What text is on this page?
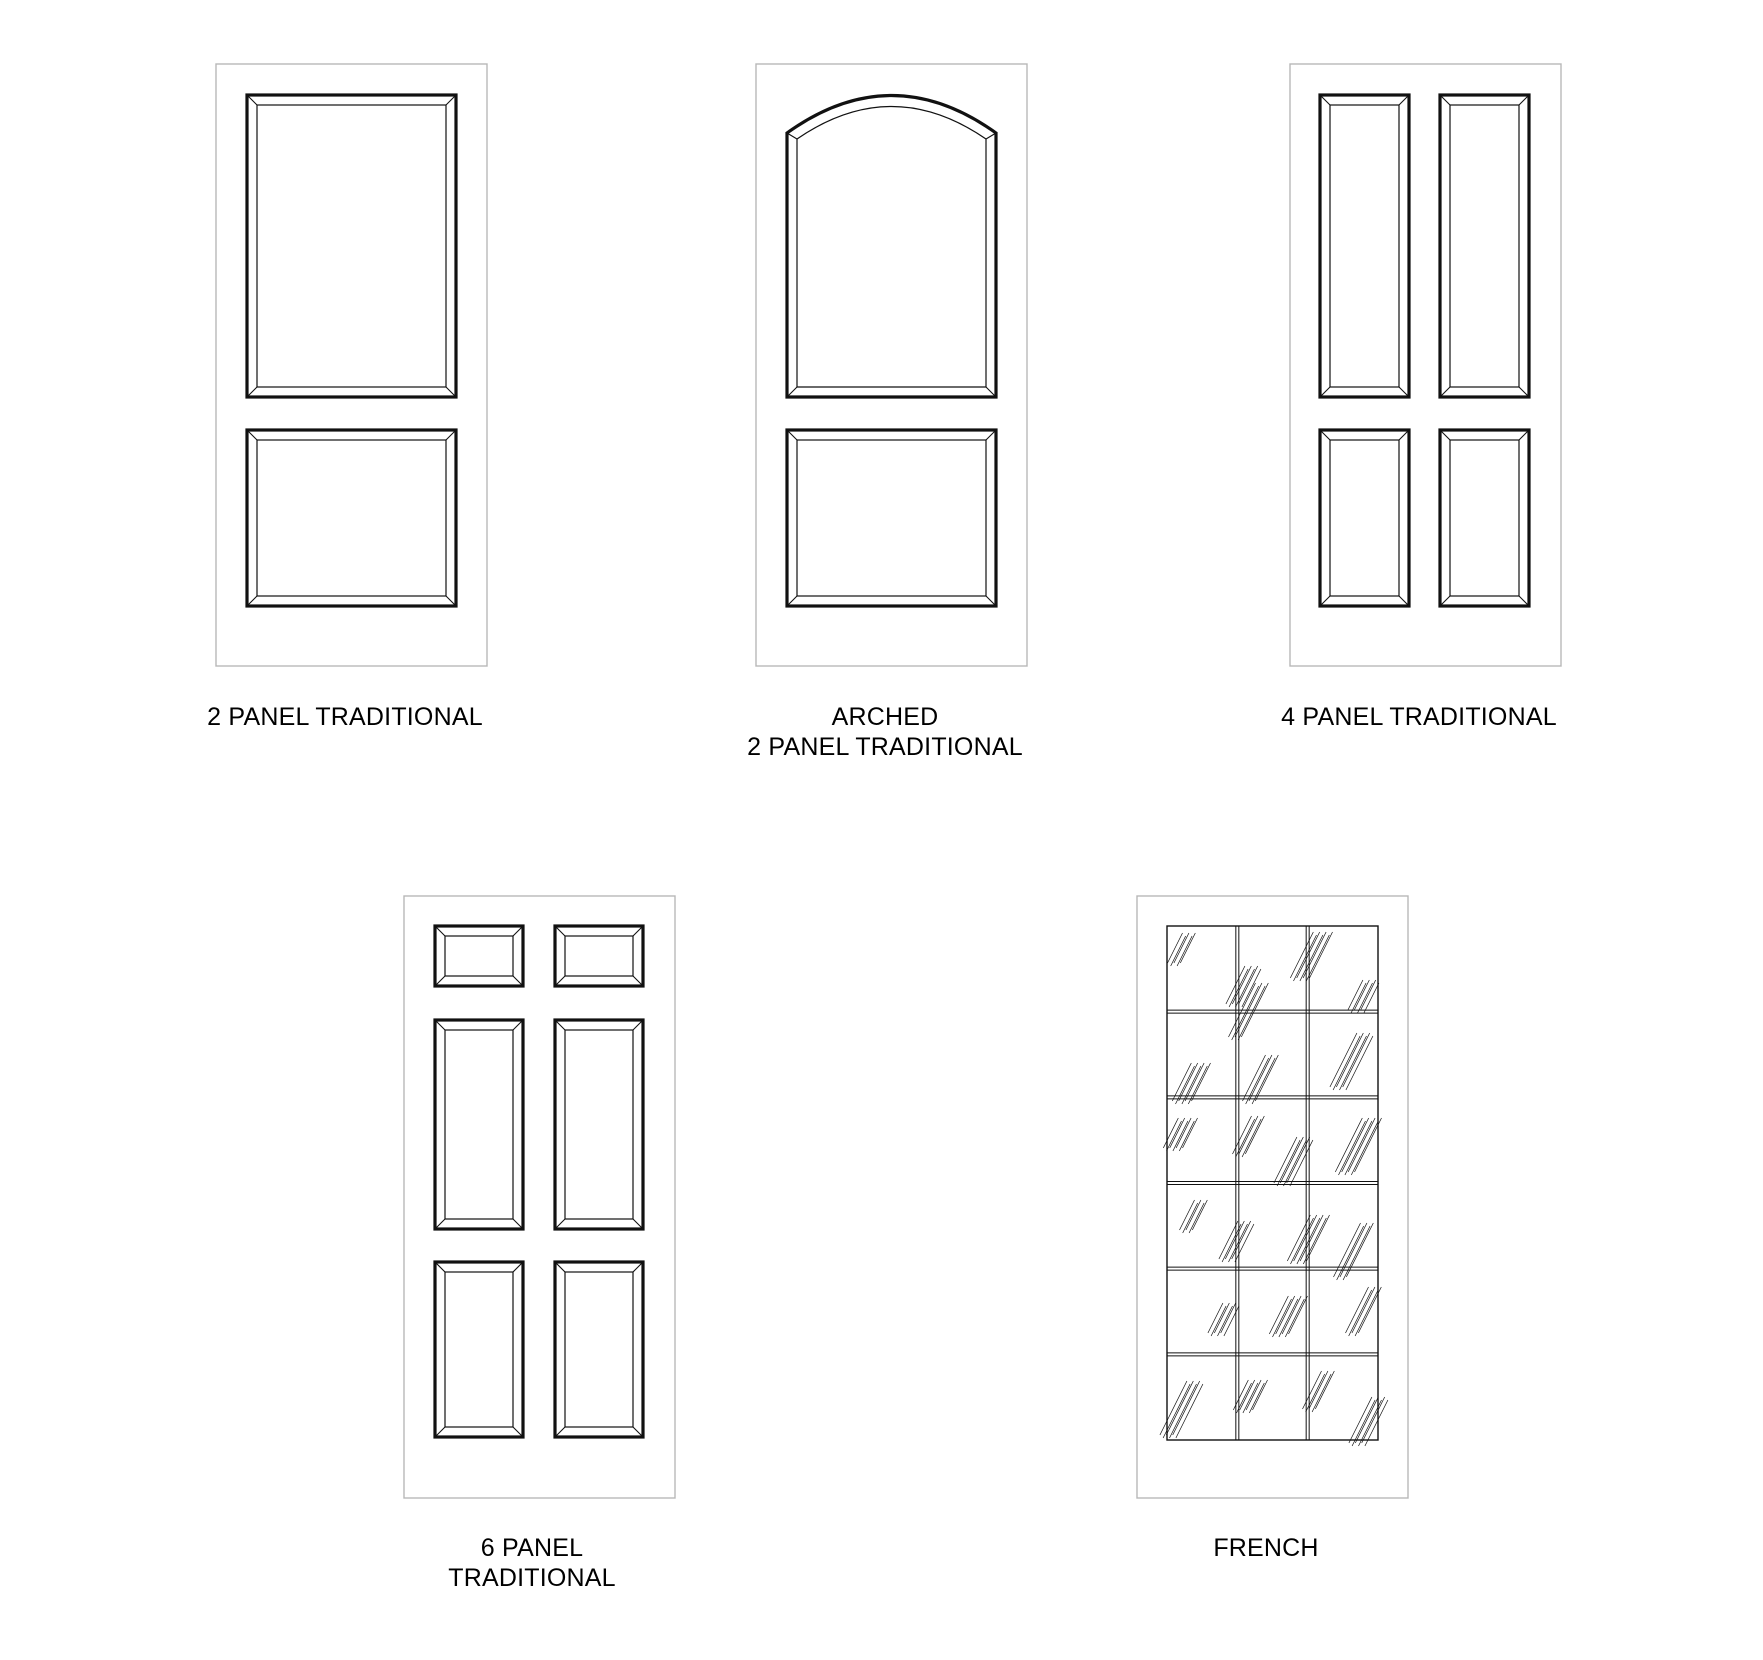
2 PANEL TRADITIONAL	ARCHED
2 PANEL TRADITIONAL
4 PANEL TRADITIONAL
6 PANEL
TRADITIONAL
FRENCH
